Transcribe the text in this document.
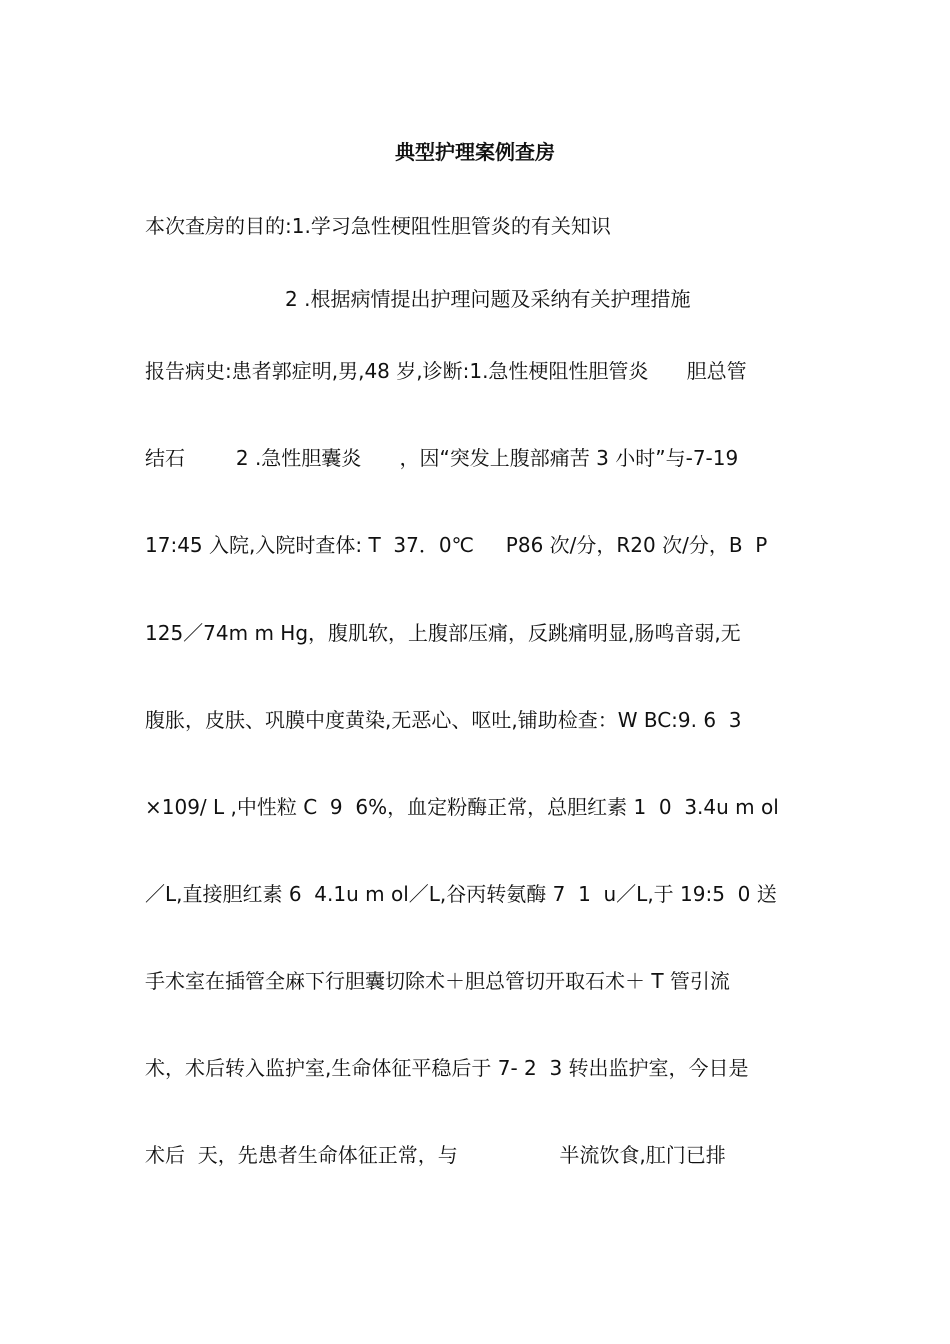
典型护理案例查房
本次查房的目的:1.学习急性梗阻性胆管炎的有关知识
2 .根据病情提出护理问题及采纳有关护理措施
报告病史:患者郭症明,男,48 岁,诊断:1.急性梗阻性胆管炎      胆总管
结石        2 .急性胆囊炎      ，因“突发上腹部痛苦 3 小时”与-7-19
17:45 入院,入院时查体: T  37．0℃     P86 次/分，R20 次/分，B  P
125／74m m Hg，腹肌软，上腹部压痛，反跳痛明显,肠鸣音弱,无
腹胀，皮肤、巩膜中度黄染,无恶心、呕吐,铺助检查：W BC:9. 6  3
×109/ L ,中性粒 C  9  6%，血定粉酶正常，总胆红素 1  0  3.4u m ol
／L,直接胆红素 6  4.1u m ol／L,谷丙转氨酶 7  1  u／L,于 19:5  0 送
手术室在插管全麻下行胆囊切除术＋胆总管切开取石术＋ T 管引流
术，术后转入监护室,生命体征平稳后于 7- 2  3 转出监护室，今日是
术后  天，先患者生命体征正常，与                半流饮食,肛门已排
